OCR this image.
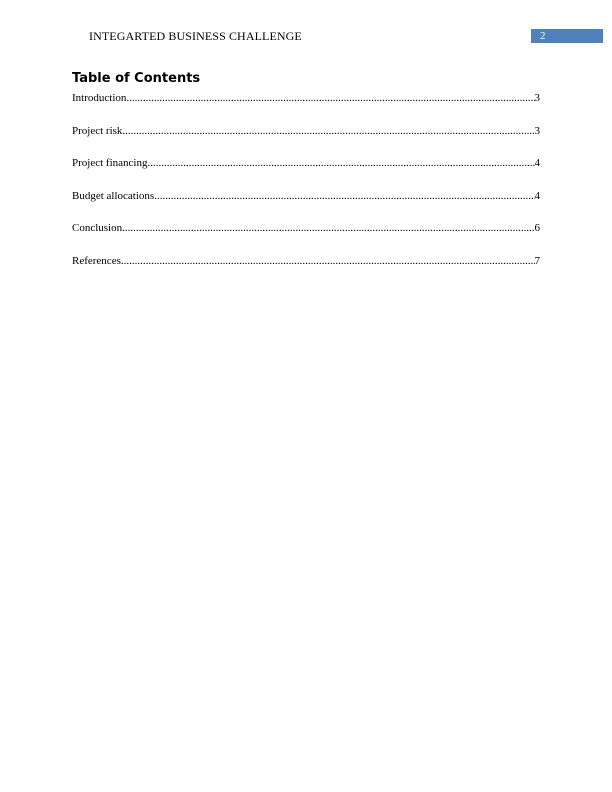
INTEGARTED BUSINESS CHALLENGE	2
Table of Contents
Introduction .....	3
Project risk .....	3
Project financing .....	4
Budget allocations .....	4
Conclusion .....	6
References .....	7
